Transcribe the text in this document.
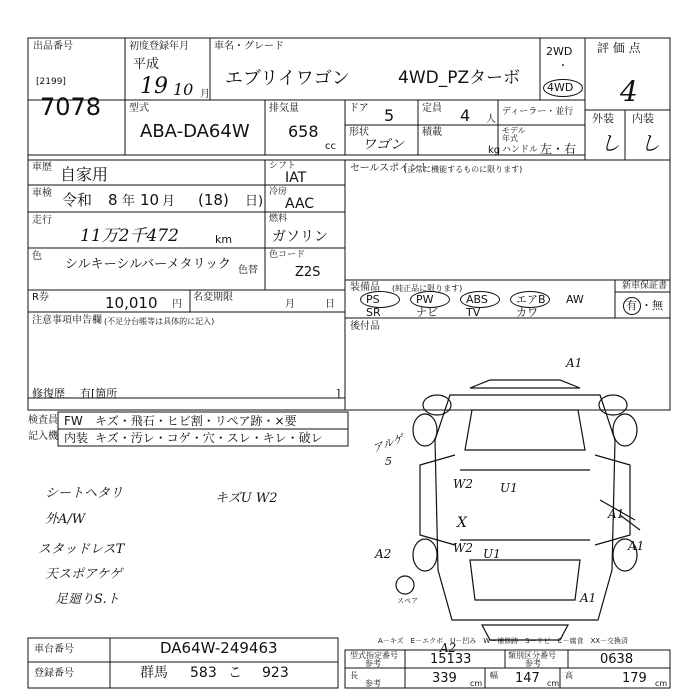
出品番号
[2199]
7078
初度登録年月
平成
19 10 月
車名・グレード
エブリイワゴン	4WD_PZターボ
2WD
・
4WD
評 価 点
4
外装 内装
し し
型式
ABA-DA64W
排気量
658
cc
ドア 5	定員 4 人
ディーラー・並行
形状
ワゴン
積載
kg
モデル年式
ハンドル 左・右
車歴 自家用
車検 令和 8 年 10 月 (18) 日)
走行
11万2千472	km
色
シルキーシルバーメタリック 色替
R券	10,010 円
名変期限
月	日
注意事項申告欄 (不足分台帳等は具体的に記入)
修復歴 有[箇所	]
シフト
IAT
冷房
AAC
燃料
ガソリン
色コード
Z2S
セールスポイント
(正常に機能するものに限ります)
装備品 (純正品に限ります)
PS	PW	ABS	エアB AW
SR	ナビ	TV	カワ
新車保証書
有 ・ 無
後付品
A－キズ　E－エクボ　U－凹み　W－補修跡　S－サビ　C－腐食　XX－交換済
スペア
検査員
記入機
FW キズ・飛石・ヒビ割・リペア跡・×要
内装 キズ・汚レ・コゲ・穴・スレ・キレ・破レ
シートヘタリ
外A/W
スタッドレスT
天スポアケゲ
足廻りS.ト
キズU W2
A1
A1
A1
A1
W2 U1
W2 U1
A2
A2
X
アルゲ
5
車台番号	DA64W-249463
登録番号	群馬 583 こ 923
型式指定番号
参考	15133	類別区分番号
参考	0638
長
参考	339 cm
幅 147 cm
高	179 cm
